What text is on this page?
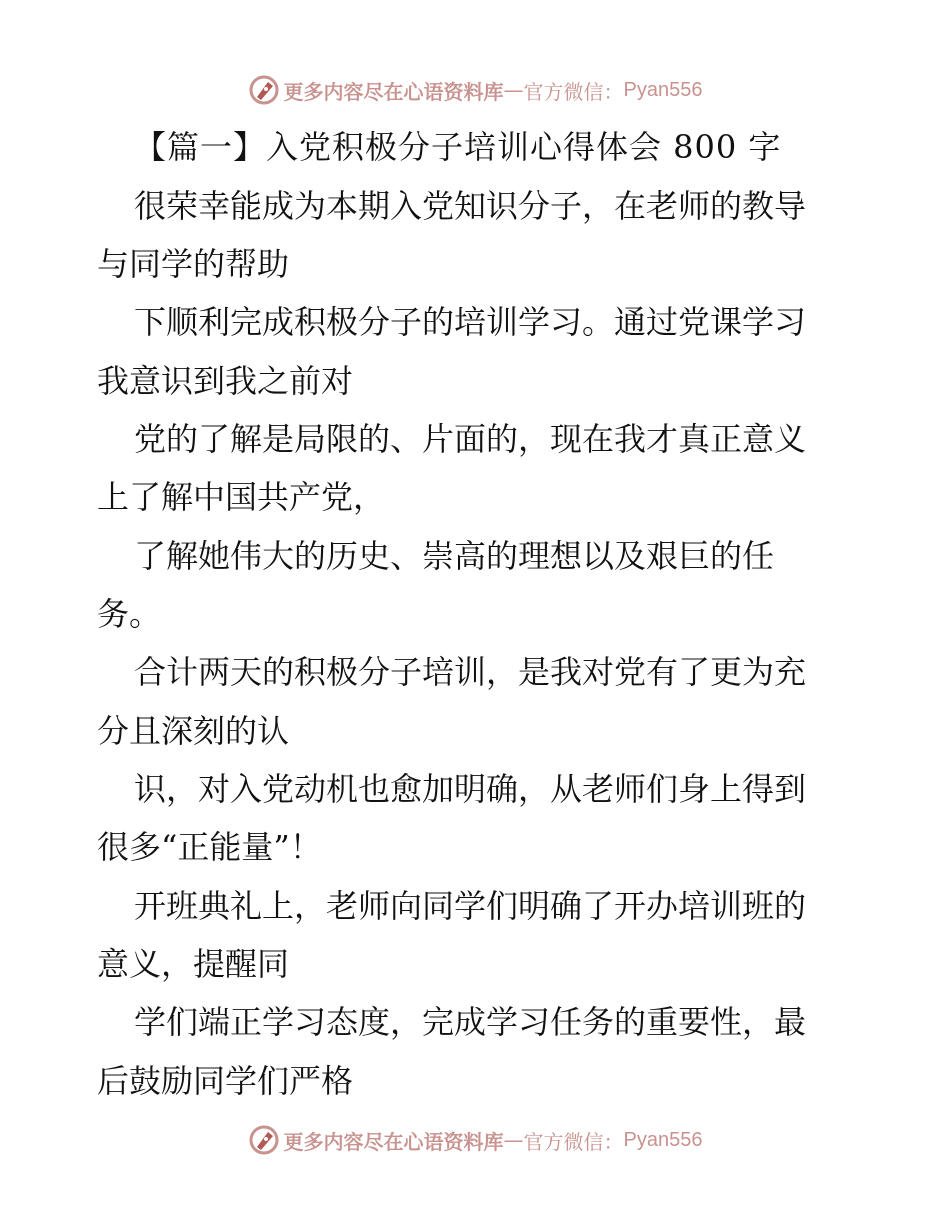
更多内容尽在心语资料库 — 官方微信： Pyan556
【篇一】入党积极分子培训心得体会 800 字
很荣幸能成为本期入党知识分子，在老师的教导
与同学的帮助
下顺利完成积极分子的培训学习。通过党课学习
我意识到我之前对
党的了解是局限的、片面的，现在我才真正意义
上了解中国共产党，
了解她伟大的历史、崇高的理想以及艰巨的任
务。
合计两天的积极分子培训，是我对党有了更为充
分且深刻的认
识，对入党动机也愈加明确，从老师们身上得到
很多“正能量”！
开班典礼上，老师向同学们明确了开办培训班的
意义，提醒同
学们端正学习态度，完成学习任务的重要性，最
后鼓励同学们严格
更多内容尽在心语资料库 — 官方微信： Pyan556
